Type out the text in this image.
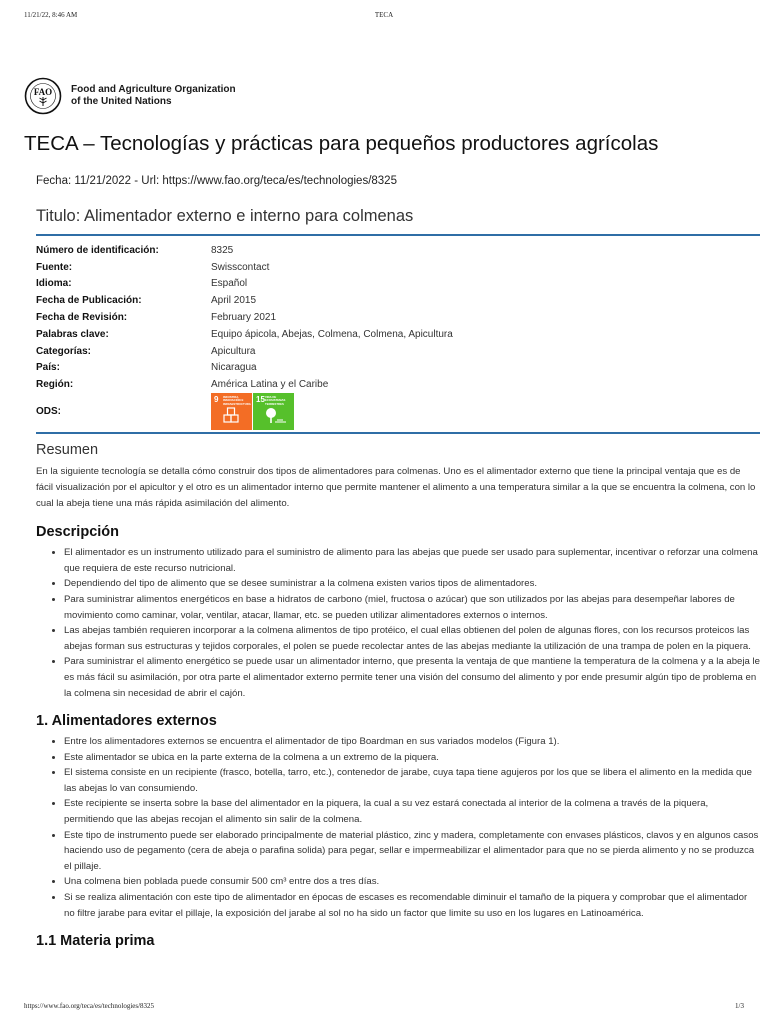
11/21/22, 8:46 AM	TECA
FAO Food and Agriculture Organization
of the United Nations
TECA – Tecnologías y prácticas para pequeños productores agrícolas
Fecha: 11/21/2022 - Url: https://www.fao.org/teca/es/technologies/8325
Titulo: Alimentador externo e interno para colmenas
Número de identificación:	8325
Fuente:	Swisscontact
Idioma:	Español
Fecha de Publicación:	April 2015
Fecha de Revisión:	February 2021
Palabras clave:	Equipo ápicola, Abejas, Colmena, Colmena, Apicultura
Categorías:	Apicultura
País:	Nicaragua
Región:	América Latina y el Caribe
ODS:	9 INDUSTRIA, INNOVACIÓN E INFRAESTRUCTURA 15 VIDA DE ECOSISTEMAS TERRESTRES
Resumen

En la siguiente tecnología se detalla cómo construir dos tipos de alimentadores para colmenas. Uno es el alimentador externo que tiene la principal ventaja que es de fácil visualización por el apicultor y el otro es un alimentador interno que permite mantener el alimento a una temperatura similar a la que se encuentra la colmena, con lo cual la abeja tiene una más rápida asimilación del alimento.

Descripción
• El alimentador es un instrumento utilizado para el suministro de alimento para las abejas que puede ser usado para suplementar, incentivar o reforzar una colmena que requiera de este recurso nutricional.
• Dependiendo del tipo de alimento que se desee suministrar a la colmena existen varios tipos de alimentadores.
• Para suministrar alimentos energéticos en base a hidratos de carbono (miel, fructosa o azúcar) que son utilizados por las abejas para desempeñar labores de movimiento como caminar, volar, ventilar, atacar, llamar, etc. se pueden utilizar alimentadores externos o internos.
• Las abejas también requieren incorporar a la colmena alimentos de tipo protéico, el cual ellas obtienen del polen de algunas flores, con los recursos proteicos las abejas forman sus estructuras y tejidos corporales, el polen se puede recolectar antes de las abejas mediante la utilización de una trampa de polen en la piquera.
• Para suministrar el alimento energético se puede usar un alimentador interno, que presenta la ventaja de que mantiene la temperatura de la colmena y a la abeja le es más fácil su asimilación, por otra parte el alimentador externo permite tener una visión del consumo del alimento y por ende presumir algún tipo de problema en la colmena sin necesidad de abrir el cajón.
1. Alimentadores externos
• Entre los alimentadores externos se encuentra el alimentador de tipo Boardman en sus variados modelos (Figura 1).
• Este alimentador se ubica en la parte externa de la colmena a un extremo de la piquera.
• El sistema consiste en un recipiente (frasco, botella, tarro, etc.), contenedor de jarabe, cuya tapa tiene agujeros por los que se libera el alimento en la medida que las abejas lo van consumiendo.
• Este recipiente se inserta sobre la base del alimentador en la piquera, la cual a su vez estará conectada al interior de la colmena a través de la piquera, permitiendo que las abejas recojan el alimento sin salir de la colmena.
• Este tipo de instrumento puede ser elaborado principalmente de material plástico, zinc y madera, completamente con envases plásticos, clavos y en algunos casos haciendo uso de pegamento (cera de abeja o parafina solida) para pegar, sellar e impermeabilizar el alimentador para que no se pierda alimento y no se produzca el pillaje.
• Una colmena bien poblada puede consumir 500 cm³ entre dos a tres días.
• Si se realiza alimentación con este tipo de alimentador en épocas de escases es recomendable diminuir el tamaño de la piquera y comprobar que el alimentador no filtre jarabe para evitar el pillaje, la exposición del jarabe al sol no ha sido un factor que limite su uso en los lugares en Latinoamérica.
1.1 Materia prima
https://www.fao.org/teca/es/technologies/8325	1/3
